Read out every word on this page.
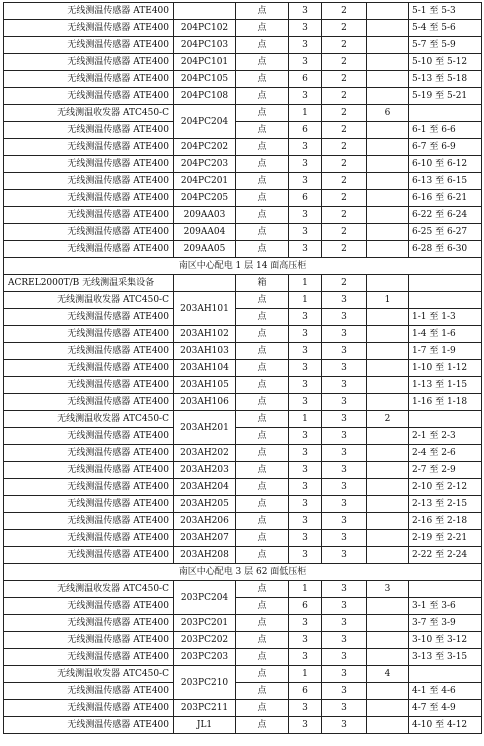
无线测温传感器 ATE400		点	3	2		5-1 至 5-3
无线测温传感器 ATE400	204PC102	点	3	2		5-4 至 5-6
无线测温传感器 ATE400	204PC103	点	3	2		5-7 至 5-9
无线测温传感器 ATE400	204PC101	点	3	2		5-10 至 5-12
无线测温传感器 ATE400	204PC105	点	6	2		5-13 至 5-18
无线测温传感器 ATE400	204PC108	点	3	2		5-19 至 5-21
无线测温收发器 ATC450-C	204PC204	点	1	2	6	
无线测温传感器 ATE400		点	6	2		6-1 至 6-6
无线测温传感器 ATE400	204PC202	点	3	2		6-7 至 6-9
无线测温传感器 ATE400	204PC203	点	3	2		6-10 至 6-12
无线测温传感器 ATE400	204PC201	点	3	2		6-13 至 6-15
无线测温传感器 ATE400	204PC205	点	6	2		6-16 至 6-21
无线测温传感器 ATE400	209AA03	点	3	2		6-22 至 6-24
无线测温传感器 ATE400	209AA04	点	3	2		6-25 至 6-27
无线测温传感器 ATE400	209AA05	点	3	2		6-28 至 6-30
南区中心配电 1 层 14 面高压柜						
ACREL2000T/B 无线测温采集设备		箱	1	2		
无线测温收发器 ATC450-C	203AH101	点	1	3	1	
无线测温传感器 ATE400		点	3	3		1-1 至 1-3
无线测温传感器 ATE400	203AH102	点	3	3		1-4 至 1-6
无线测温传感器 ATE400	203AH103	点	3	3		1-7 至 1-9
无线测温传感器 ATE400	203AH104	点	3	3		1-10 至 1-12
无线测温传感器 ATE400	203AH105	点	3	3		1-13 至 1-15
无线测温传感器 ATE400	203AH106	点	3	3		1-16 至 1-18
无线测温收发器 ATC450-C	203AH201	点	1	3	2	
无线测温传感器 ATE400		点	3	3		2-1 至 2-3
无线测温传感器 ATE400	203AH202	点	3	3		2-4 至 2-6
无线测温传感器 ATE400	203AH203	点	3	3		2-7 至 2-9
无线测温传感器 ATE400	203AH204	点	3	3		2-10 至 2-12
无线测温传感器 ATE400	203AH205	点	3	3		2-13 至 2-15
无线测温传感器 ATE400	203AH206	点	3	3		2-16 至 2-18
无线测温传感器 ATE400	203AH207	点	3	3		2-19 至 2-21
无线测温传感器 ATE400	203AH208	点	3	3		2-22 至 2-24
南区中心配电 3 层 62 面低压柜						
无线测温收发器 ATC450-C	203PC204	点	1	3	3	
无线测温传感器 ATE400		点	6	3		3-1 至 3-6
无线测温传感器 ATE400	203PC201	点	3	3		3-7 至 3-9
无线测温传感器 ATE400	203PC202	点	3	3		3-10 至 3-12
无线测温传感器 ATE400	203PC203	点	3	3		3-13 至 3-15
无线测温收发器 ATC450-C	203PC210	点	1	3	4	
无线测温传感器 ATE400		点	6	3		4-1 至 4-6
无线测温传感器 ATE400	203PC211	点	3	3		4-7 至 4-9
无线测温传感器 ATE400	JL1	点	3	3		4-10 至 4-12
